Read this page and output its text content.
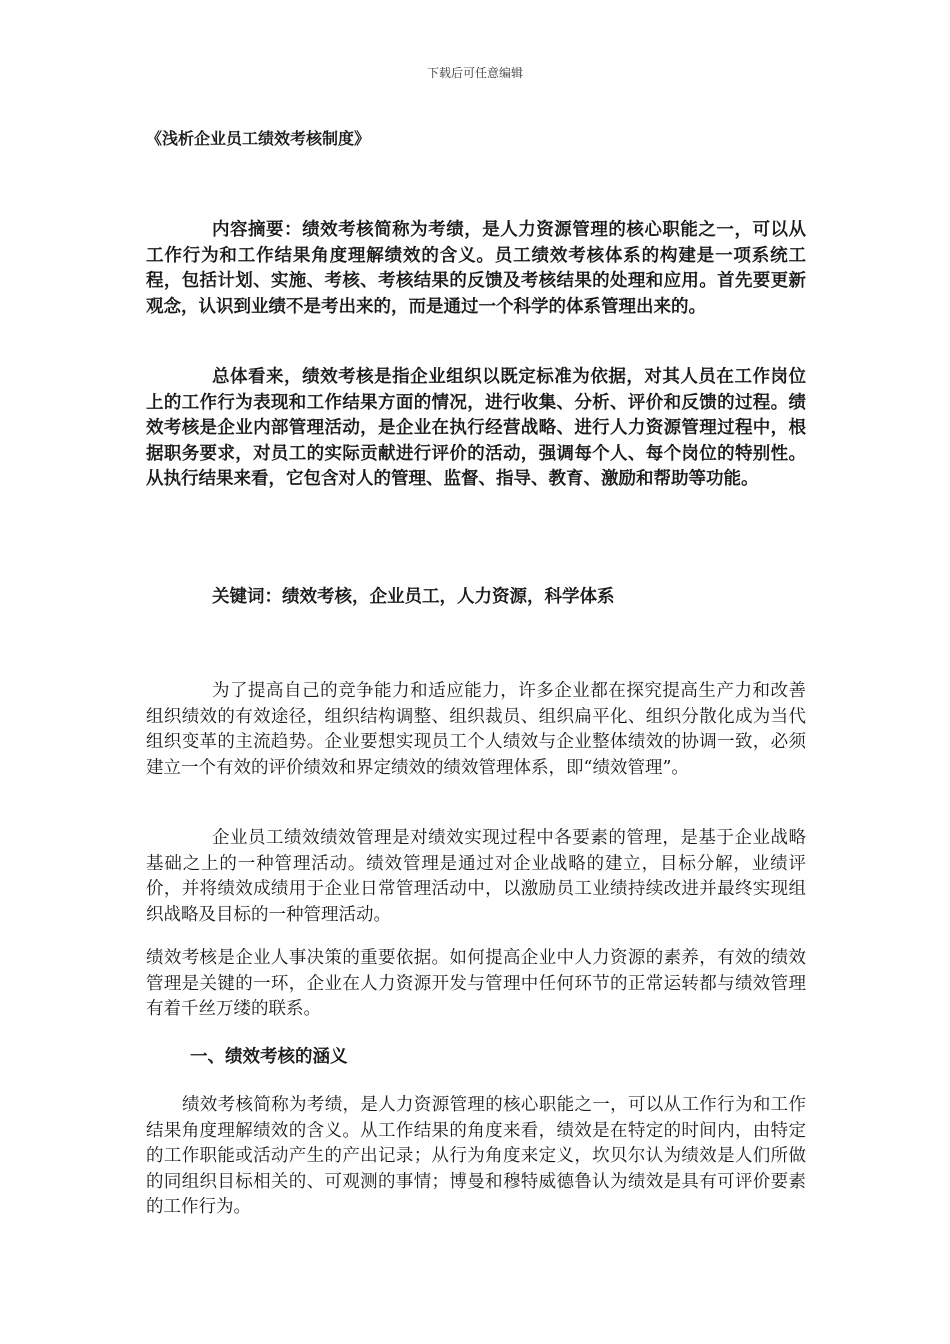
下载后可任意编辑
《浅析企业员工绩效考核制度》

内容摘要：绩效考核简称为考绩，是人力资源管理的核心职能之一，可以从工作行为和工作结果角度理解绩效的含义。员工绩效考核体系的构建是一项系统工程，包括计划、实施、考核、考核结果的反馈及考核结果的处理和应用。首先要更新观念，认识到业绩不是考出来的，而是通过一个科学的体系管理出来的。

总体看来，绩效考核是指企业组织以既定标准为依据，对其人员在工作岗位上的工作行为表现和工作结果方面的情况，进行收集、分析、评价和反馈的过程。绩效考核是企业内部管理活动，是企业在执行经营战略、进行人力资源管理过程中，根据职务要求，对员工的实际贡献进行评价的活动，强调每个人、每个岗位的特别性。从执行结果来看，它包含对人的管理、监督、指导、教育、激励和帮助等功能。

关键词：绩效考核，企业员工，人力资源，科学体系

为了提高自己的竞争能力和适应能力，许多企业都在探究提高生产力和改善组织绩效的有效途径，组织结构调整、组织裁员、组织扁平化、组织分散化成为当代组织变革的主流趋势。企业要想实现员工个人绩效与企业整体绩效的协调一致，必须建立一个有效的评价绩效和界定绩效的绩效管理体系，即“绩效管理”。

企业员工绩效绩效管理是对绩效实现过程中各要素的管理，是基于企业战略基础之上的一种管理活动。绩效管理是通过对企业战略的建立，目标分解，业绩评价，并将绩效成绩用于企业日常管理活动中，以激励员工业绩持续改进并最终实现组织战略及目标的一种管理活动。

绩效考核是企业人事决策的重要依据。如何提高企业中人力资源的素养，有效的绩效管理是关键的一环，企业在人力资源开发与管理中任何环节的正常运转都与绩效管理有着千丝万缕的联系。

一、绩效考核的涵义

绩效考核简称为考绩，是人力资源管理的核心职能之一，可以从工作行为和工作结果角度理解绩效的含义。从工作结果的角度来看，绩效是在特定的时间内，由特定的工作职能或活动产生的产出记录；从行为角度来定义，坎贝尔认为绩效是人们所做的同组织目标相关的、可观测的事情；博曼和穆特威德鲁认为绩效是具有可评价要素的工作行为。
